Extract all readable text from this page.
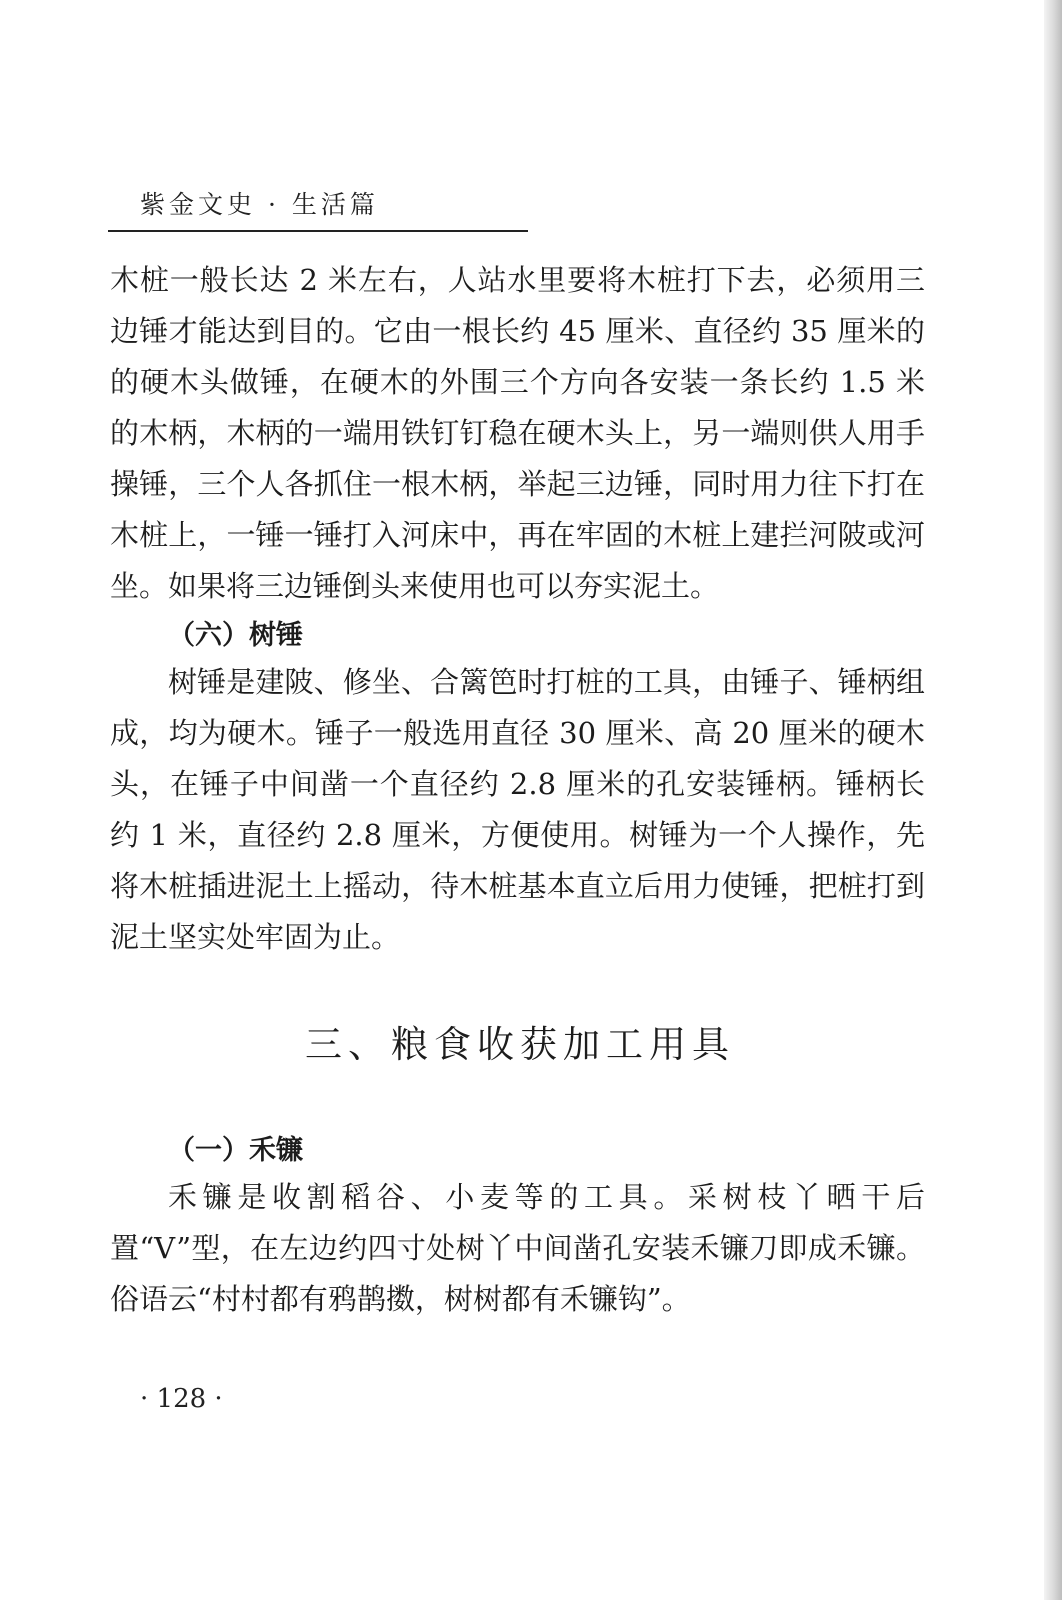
紫金文史 · 生活篇

木桩一般长达 2 米左右，人站水里要将木桩打下去，必须用三边锤才能达到目的。它由一根长约 45 厘米、直径约 35 厘米的的硬木头做锤，在硬木的外围三个方向各安装一条长约 1.5 米的木柄，木柄的一端用铁钉钉稳在硬木头上，另一端则供人用手操锤，三个人各抓住一根木柄，举起三边锤，同时用力往下打在木桩上，一锤一锤打入河床中，再在牢固的木桩上建拦河陂或河坐。如果将三边锤倒头来使用也可以夯实泥土。

（六）树锤

树锤是建陂、修坐、合篱笆时打桩的工具，由锤子、锤柄组成，均为硬木。锤子一般选用直径 30 厘米、高 20 厘米的硬木头，在锤子中间凿一个直径约 2.8 厘米的孔安装锤柄。锤柄长约 1 米，直径约 2.8 厘米，方便使用。树锤为一个人操作，先将木桩插进泥土上摇动，待木桩基本直立后用力使锤，把桩打到泥土坚实处牢固为止。

三、粮食收获加工用具
（一）禾镰

禾镰是收割稻谷、小麦等的工具。采树枝丫晒干后置“V”型，在左边约四寸处树丫中间凿孔安装禾镰刀即成禾镰。俗语云“村村都有鸦鹊擞，树树都有禾镰钩”。

· 128 ·
